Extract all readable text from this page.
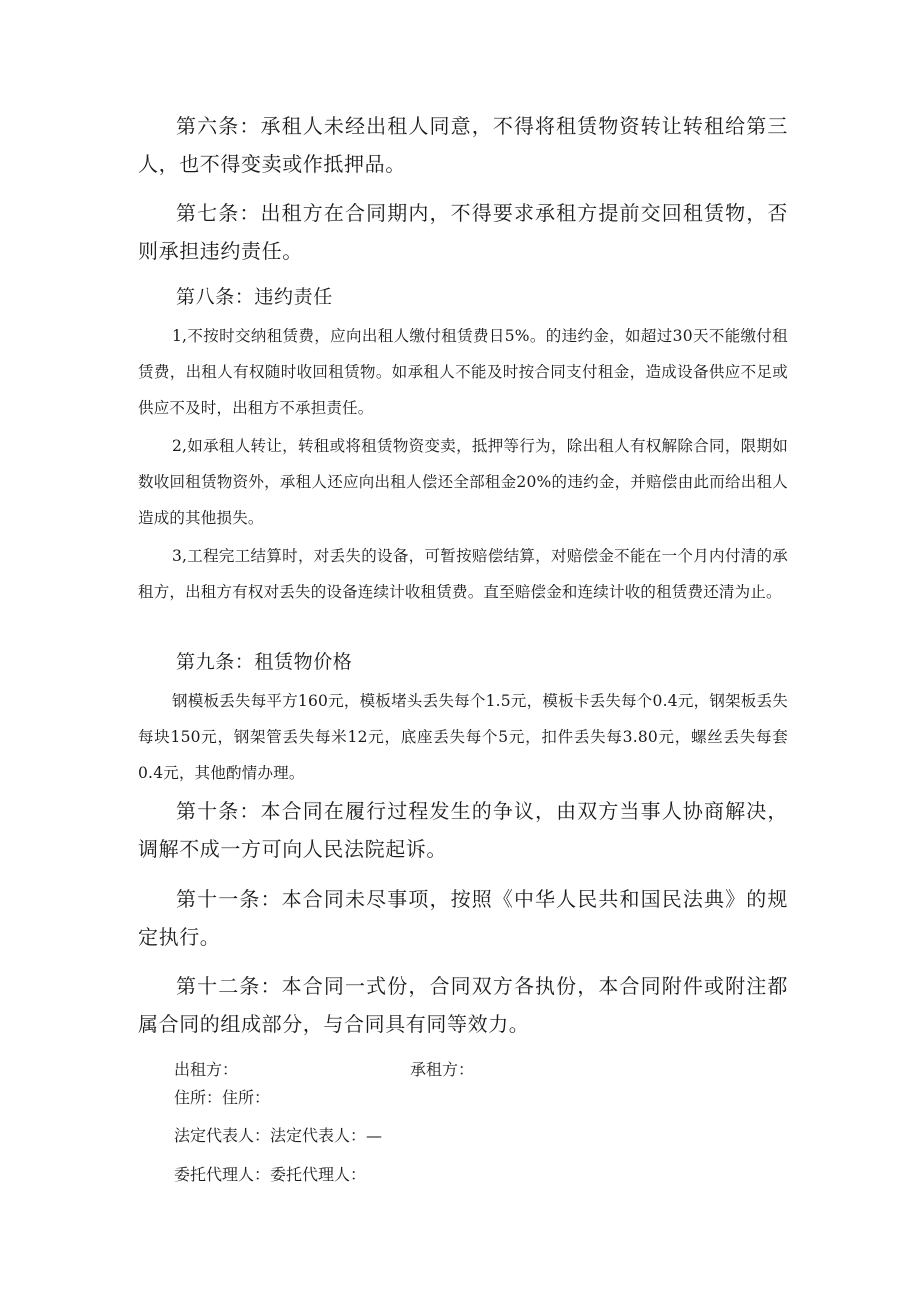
第六条：承租人未经出租人同意，不得将租赁物资转让转租给第三人，也不得变卖或作抵押品。

第七条：出租方在合同期内，不得要求承租方提前交回租赁物，否则承担违约责任。

第八条：违约责任

1,不按时交纳租赁费，应向出租人缴付租赁费日5%。的违约金，如超过30天不能缴付租赁费，出租人有权随时收回租赁物。如承租人不能及时按合同支付租金，造成设备供应不足或供应不及时，出租方不承担责任。

2,如承租人转让，转租或将租赁物资变卖，抵押等行为，除出租人有权解除合同，限期如数收回租赁物资外，承租人还应向出租人偿还全部租金20%的违约金，并赔偿由此而给出租人造成的其他损失。

3,工程完工结算时，对丢失的设备，可暂按赔偿结算，对赔偿金不能在一个月内付清的承租方，出租方有权对丢失的设备连续计收租赁费。直至赔偿金和连续计收的租赁费还清为止。

第九条：租赁物价格

钢模板丢失每平方160元，模板堵头丢失每个1.5元，模板卡丢失每个0.4元，钢架板丢失每块150元，钢架管丢失每米12元，底座丢失每个5元，扣件丢失每3.80元，螺丝丢失每套0.4元，其他酌情办理。

第十条：本合同在履行过程发生的争议，由双方当事人协商解决，调解不成一方可向人民法院起诉。

第十一条：本合同未尽事项，按照《中华人民共和国民法典》的规定执行。

第十二条：本合同一式份，合同双方各执份，本合同附件或附注都属合同的组成部分，与合同具有同等效力。

出租方：	承租方：

住所：住所：

法定代表人：法定代表人：—

委托代理人：委托代理人：
